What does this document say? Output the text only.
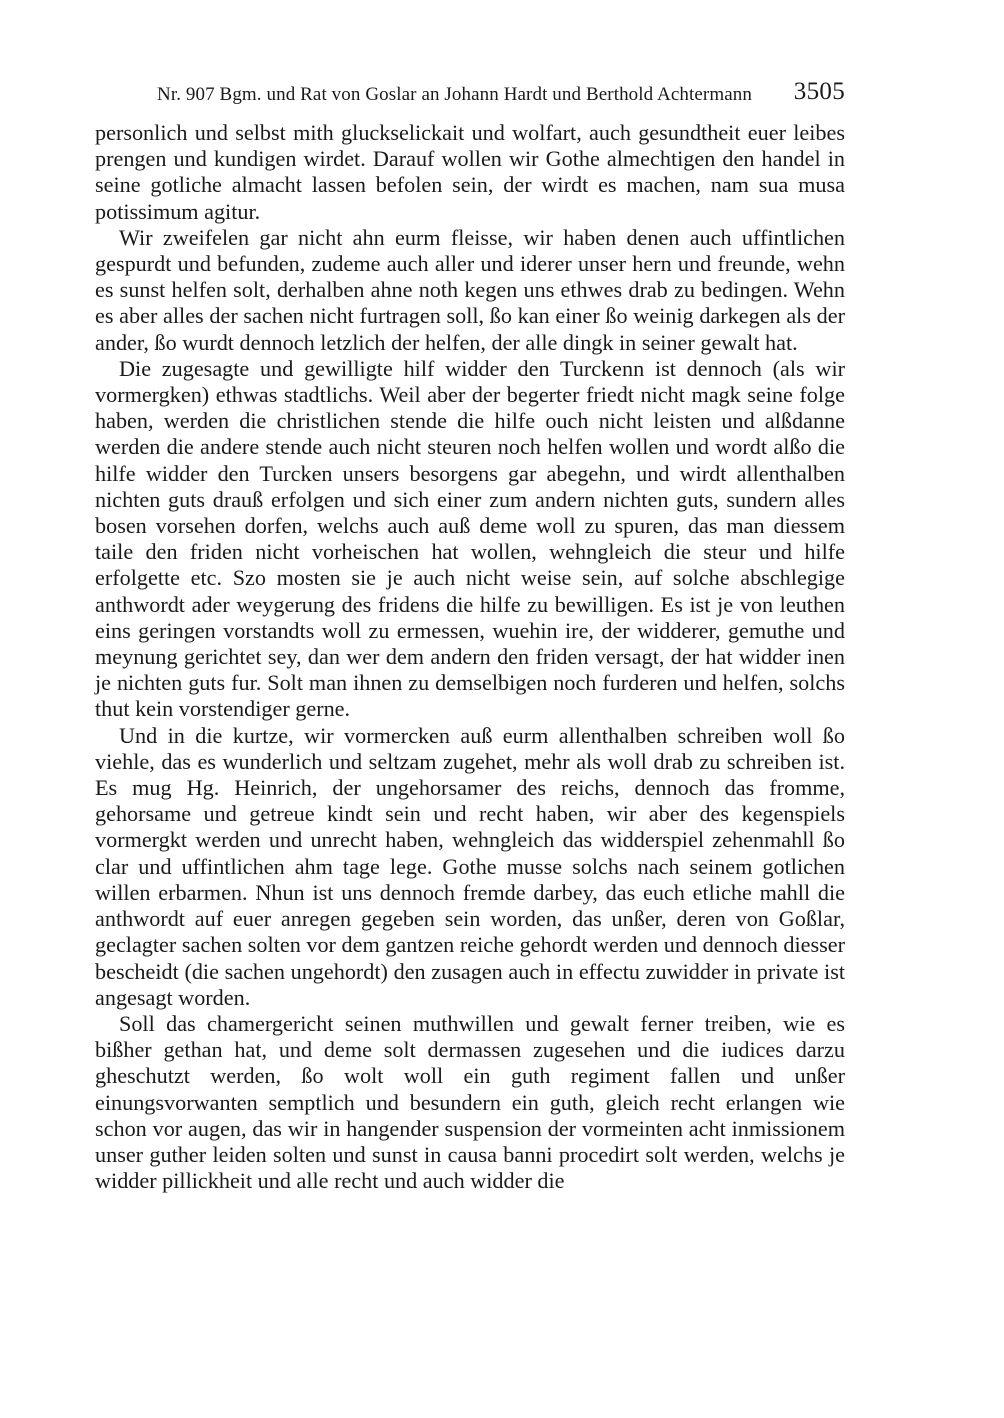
Nr. 907 Bgm. und Rat von Goslar an Johann Hardt und Berthold Achtermann 3505

personlich und selbst mith gluckselickait und wolfart, auch gesundtheit euer leibes prengen und kundigen wirdet. Darauf wollen wir Gothe almechtigen den handel in seine gotliche almacht lassen befolen sein, der wirdt es machen, nam sua musa potissimum agitur.

Wir zweifelen gar nicht ahn eurm fleisse, wir haben denen auch uffintlichen gespurdt und befunden, zudeme auch aller und iderer unser hern und freunde, wehn es sunst helfen solt, derhalben ahne noth kegen uns ethwes drab zu bedingen. Wehn es aber alles der sachen nicht furtragen soll, ßo kan einer ßo weinig darkegen als der ander, ßo wurdt dennoch letzlich der helfen, der alle dingk in seiner gewalt hat.

Die zugesagte und gewilligte hilf widder den Turckenn ist dennoch (als wir vormergken) ethwas stadtlichs. Weil aber der begerter friedt nicht magk seine folge haben, werden die christlichen stende die hilfe ouch nicht leisten und alßdanne werden die andere stende auch nicht steuren noch helfen wollen und wordt alßo die hilfe widder den Turcken unsers besorgens gar abegehn, und wirdt allenthalben nichten guts drauß erfolgen und sich einer zum andern nichten guts, sundern alles bosen vorsehen dorfen, welchs auch auß deme woll zu spuren, das man diessem taile den friden nicht vorheischen hat wollen, wehngleich die steur und hilfe erfolgette etc. Szo mosten sie je auch nicht weise sein, auf solche abschlegige anthwordt ader weygerung des fridens die hilfe zu bewilligen. Es ist je von leuthen eins geringen vorstandts woll zu ermessen, wuehin ire, der widderer, gemuthe und meynung gerichtet sey, dan wer dem andern den friden versagt, der hat widder inen je nichten guts fur. Solt man ihnen zu demselbigen noch furderen und helfen, solchs thut kein vorstendiger gerne.

Und in die kurtze, wir vormercken auß eurm allenthalben schreiben woll ßo viehle, das es wunderlich und seltzam zugehet, mehr als woll drab zu schreiben ist. Es mug Hg. Heinrich, der ungehorsamer des reichs, dennoch das fromme, gehorsame und getreue kindt sein und recht haben, wir aber des kegenspiels vormergkt werden und unrecht haben, wehngleich das widderspiel zehenmahll ßo clar und uffintlichen ahm tage lege. Gothe musse solchs nach seinem gotlichen willen erbarmen. Nhun ist uns dennoch fremde darbey, das euch etliche mahll die anthwordt auf euer anregen gegeben sein worden, das unßer, deren von Goßlar, geclagter sachen solten vor dem gantzen reiche gehordt werden und dennoch diesser bescheidt (die sachen ungehordt) den zusagen auch in effectu zuwidder in private ist angesagt worden.

Soll das chamergericht seinen muthwillen und gewalt ferner treiben, wie es bißher gethan hat, und deme solt dermassen zugesehen und die iudices darzu gheschutzt werden, ßo wolt woll ein guth regiment fallen und unßer einungsvorwanten semptlich und besundern ein guth, gleich recht erlangen wie schon vor augen, das wir in hangender suspension der vormeinten acht inmissionem unser guther leiden solten und sunst in causa banni procedirt solt werden, welchs je widder pillickheit und alle recht und auch widder die
